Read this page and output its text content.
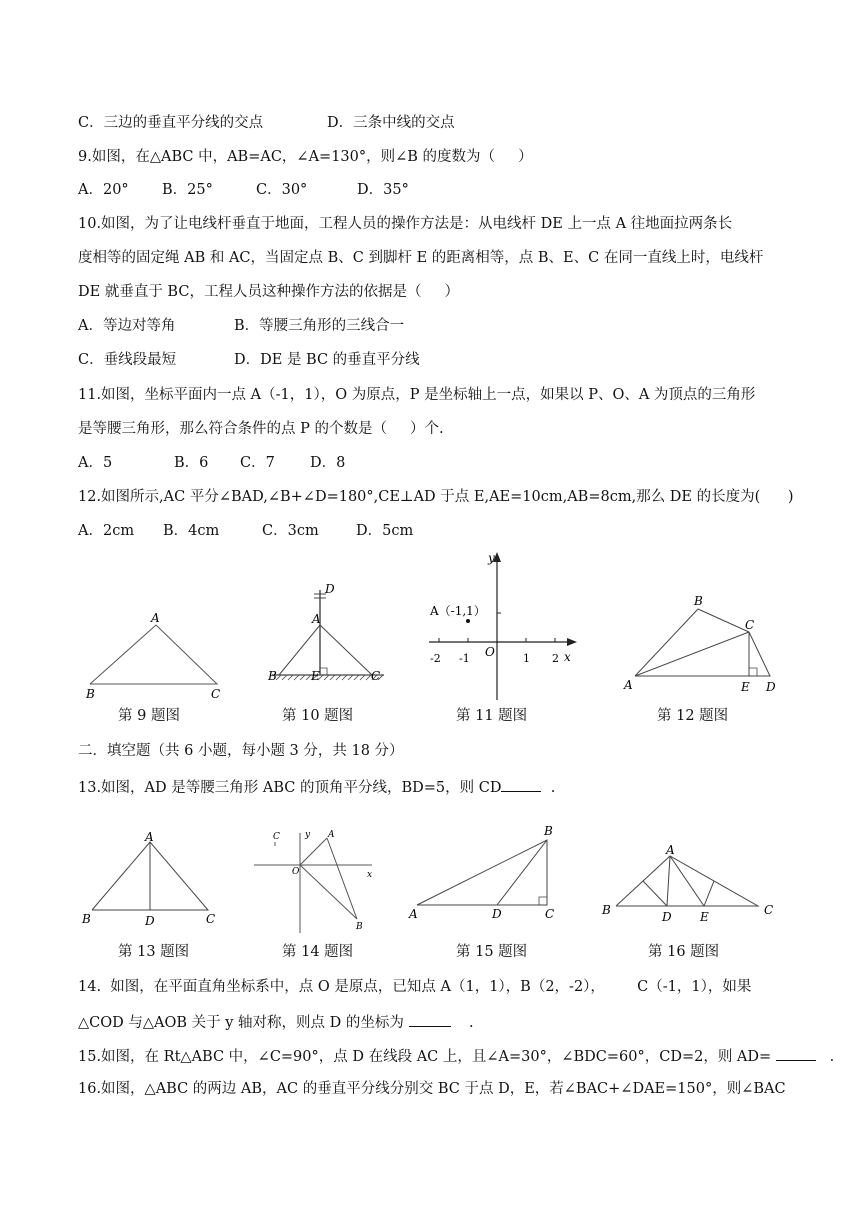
C．三边的垂直平分线的交点	D．三条中线的交点
9.如图，在△ABC 中，AB=AC，∠A=130°，则∠B 的度数为（     ）
A．20° B．25°	C．30°	D．35°
10.如图，为了让电线杆垂直于地面，工程人员的操作方法是：从电线杆 DE 上一点 A 往地面拉两条长
度相等的固定绳 AB 和 AC，当固定点 B、C 到脚杆 E 的距离相等，点 B、E、C 在同一直线上时，电线杆
DE 就垂直于 BC，工程人员这种操作方法的依据是（     ）
A．等边对等角	B．等腰三角形的三线合一
C．垂线段最短	D．DE 是 BC 的垂直平分线
11.如图，坐标平面内一点 A（-1，1），O 为原点，P 是坐标轴上一点，如果以 P、O、A 为顶点的三角形
是等腰三角形，那么符合条件的点 P 的个数是（     ）个.
A．5	B．6 C．7 D．8
12.如图所示,AC 平分∠BAD,∠B+∠D=180°,CE⊥AD 于点 E,AE=10cm,AB=8cm,那么 DE 的长度为(      )
A．2cm B．4cm	C．3cm	D．5cm
A
B	C
第 9 题图
D
A
B	E	C
第 10 题图
A（-1,1）
y
x
O
-2 -1	1 2
第 11 题图
B
C
A	E D
第 12 题图
二．填空题（共 6 小题，每小题 3 分，共 18 分）
13.如图，AD 是等腰三角形 ABC 的顶角平分线，BD=5，则 CD	.
A
B	D	C
第 13 题图
y
x
C	A
O
B
第 14 题图
B
A	D	C
第 15 题图
A
B	D E	C
第 16 题图
14.  如图，在平面直角坐标系中，点 O 是原点，已知点 A（1，1），B（2，-2），       C（-1，1），如果
△COD 与△AOB 关于 y 轴对称，则点 D 的坐标为	.
15.如图，在 Rt△ABC 中，∠C=90°，点 D 在线段 AC 上，且∠A=30°，∠BDC=60°，CD=2，则 AD=	.
16.如图，△ABC 的两边 AB，AC 的垂直平分线分别交 BC 于点 D，E，若∠BAC+∠DAE=150°，则∠BAC
